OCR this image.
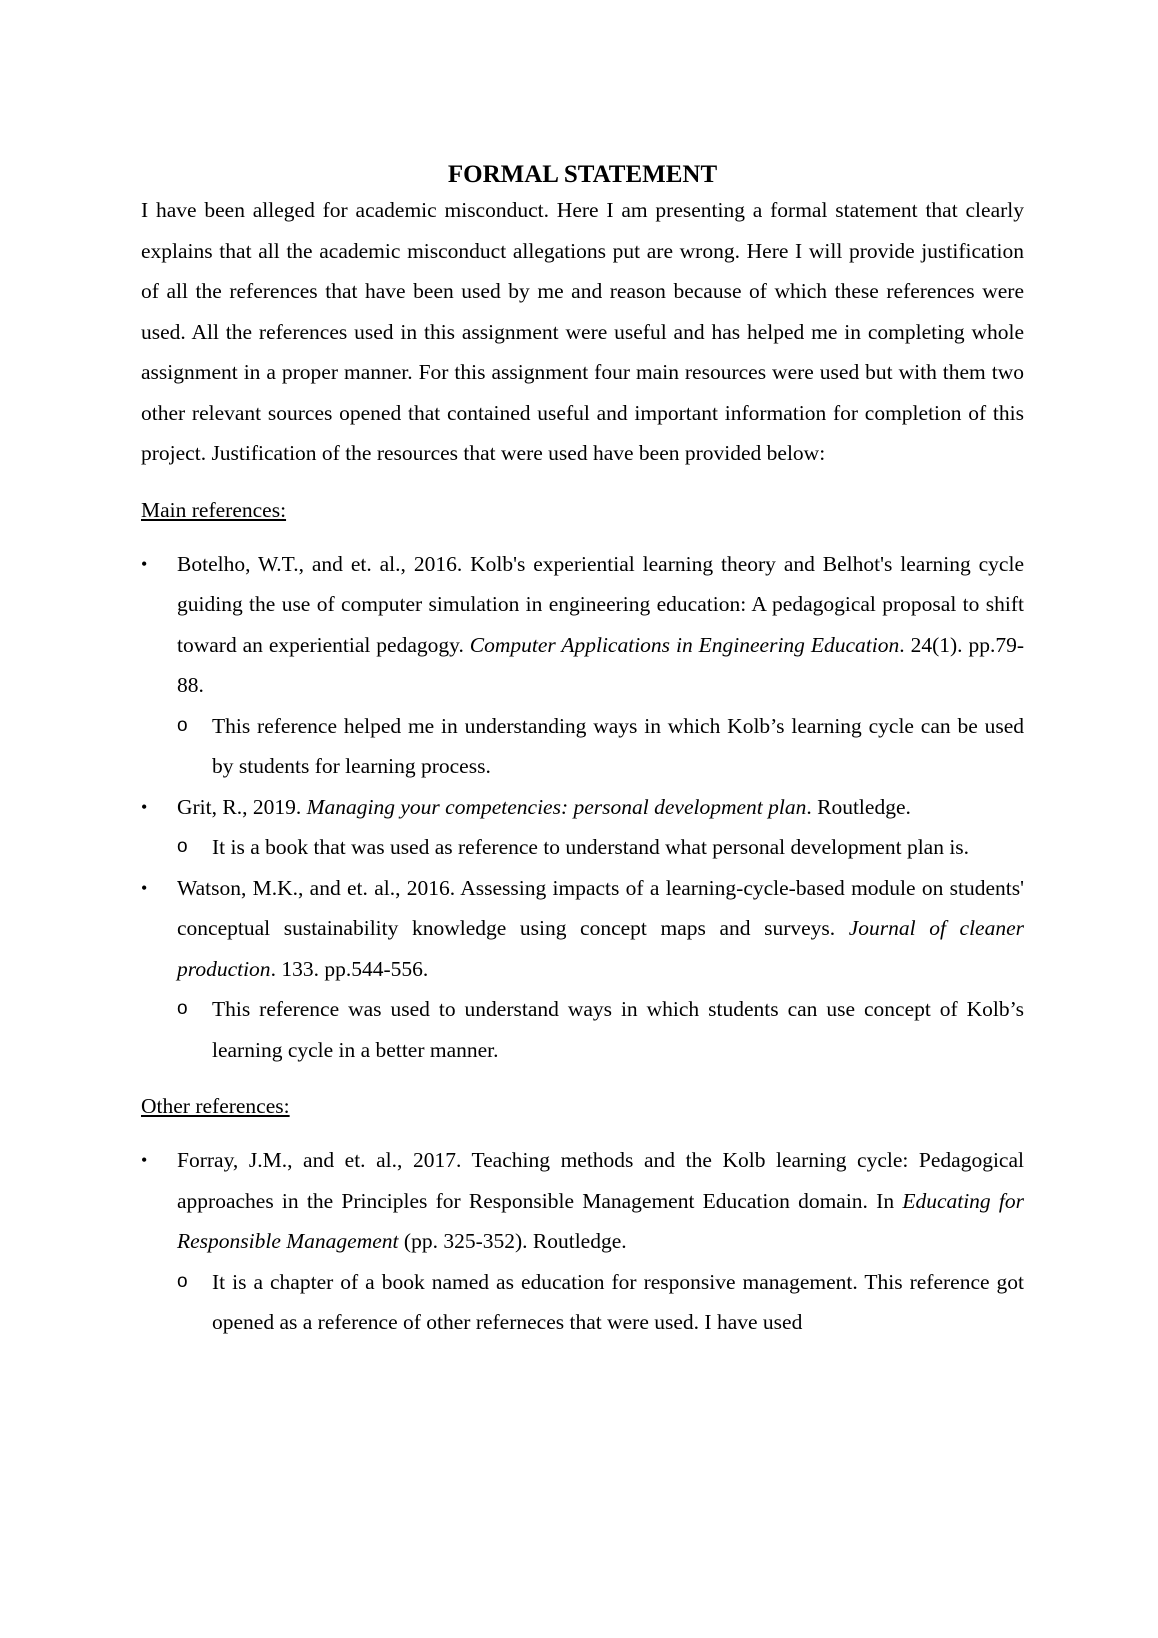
FORMAL STATEMENT

I have been alleged for academic misconduct. Here I am presenting a formal statement that clearly explains that all the academic misconduct allegations put are wrong. Here I will provide justification of all the references that have been used by me and reason because of which these references were used. All the references used in this assignment were useful and has helped me in completing whole assignment in a proper manner. For this assignment four main resources were used but with them two other relevant sources opened that contained useful and important information for completion of this project. Justification of the resources that were used have been provided below:

Main references:
• Botelho, W.T., and et. al., 2016. Kolb's experiential learning theory and Belhot's learning cycle guiding the use of computer simulation in engineering education: A pedagogical proposal to shift toward an experiential pedagogy. Computer Applications in Engineering Education. 24(1). pp.79-88.
o This reference helped me in understanding ways in which Kolb’s learning cycle can be used by students for learning process.
• Grit, R., 2019. Managing your competencies: personal development plan. Routledge.
o It is a book that was used as reference to understand what personal development plan is.
• Watson, M.K., and et. al., 2016. Assessing impacts of a learning-cycle-based module on students' conceptual sustainability knowledge using concept maps and surveys. Journal of cleaner production. 133. pp.544-556.
o This reference was used to understand ways in which students can use concept of Kolb’s learning cycle in a better manner.
Other references:
• Forray, J.M., and et. al., 2017. Teaching methods and the Kolb learning cycle: Pedagogical approaches in the Principles for Responsible Management Education domain. In Educating for Responsible Management (pp. 325-352). Routledge.
o It is a chapter of a book named as education for responsive management. This reference got opened as a reference of other referneces that were used. I have used
